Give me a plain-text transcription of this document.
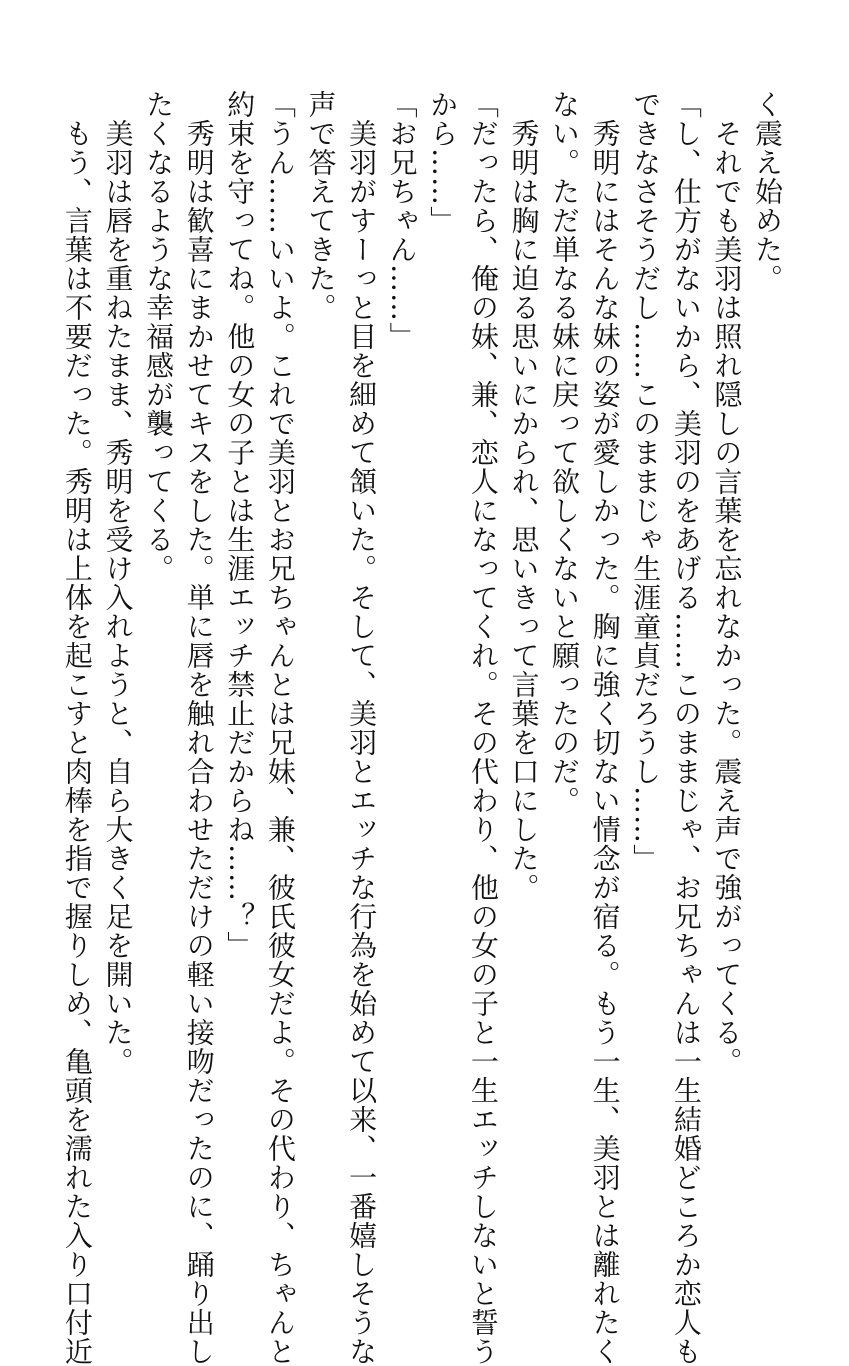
く震え始めた。

　それでも美羽は照れ隠しの言葉を忘れなかった。震え声で強がってくる。

「し、仕方がないから、美羽のをあげる……このままじゃ、お兄ちゃんは一生結婚どころか恋人も

できなさそうだし……このままじゃ生涯童貞だろうし……」

　秀明にはそんな妹の姿が愛しかった。胸に強く切ない情念が宿る。もう一生、美羽とは離れたく

ない。ただ単なる妹に戻って欲しくないと願ったのだ。

　秀明は胸に迫る思いにかられ、思いきって言葉を口にした。

「だったら、俺の妹、兼、恋人になってくれ。その代わり、他の女の子と一生エッチしないと誓う

から……」

「お兄ちゃん……」

　美羽がすーっと目を細めて頷いた。そして、美羽とエッチな行為を始めて以来、一番嬉しそうな

声で答えてきた。

「うん……いいよ。これで美羽とお兄ちゃんとは兄妹、兼、彼氏彼女だよ。その代わり、ちゃんと

約束を守ってね。他の女の子とは生涯エッチ禁止だからね……？」

　秀明は歓喜にまかせてキスをした。単に唇を触れ合わせただけの軽い接吻だったのに、踊り出し

たくなるような幸福感が襲ってくる。

　美羽は唇を重ねたまま、秀明を受け入れようと、自ら大きく足を開いた。

　もう、言葉は不要だった。秀明は上体を起こすと肉棒を指で握りしめ、亀頭を濡れた入り口付近
